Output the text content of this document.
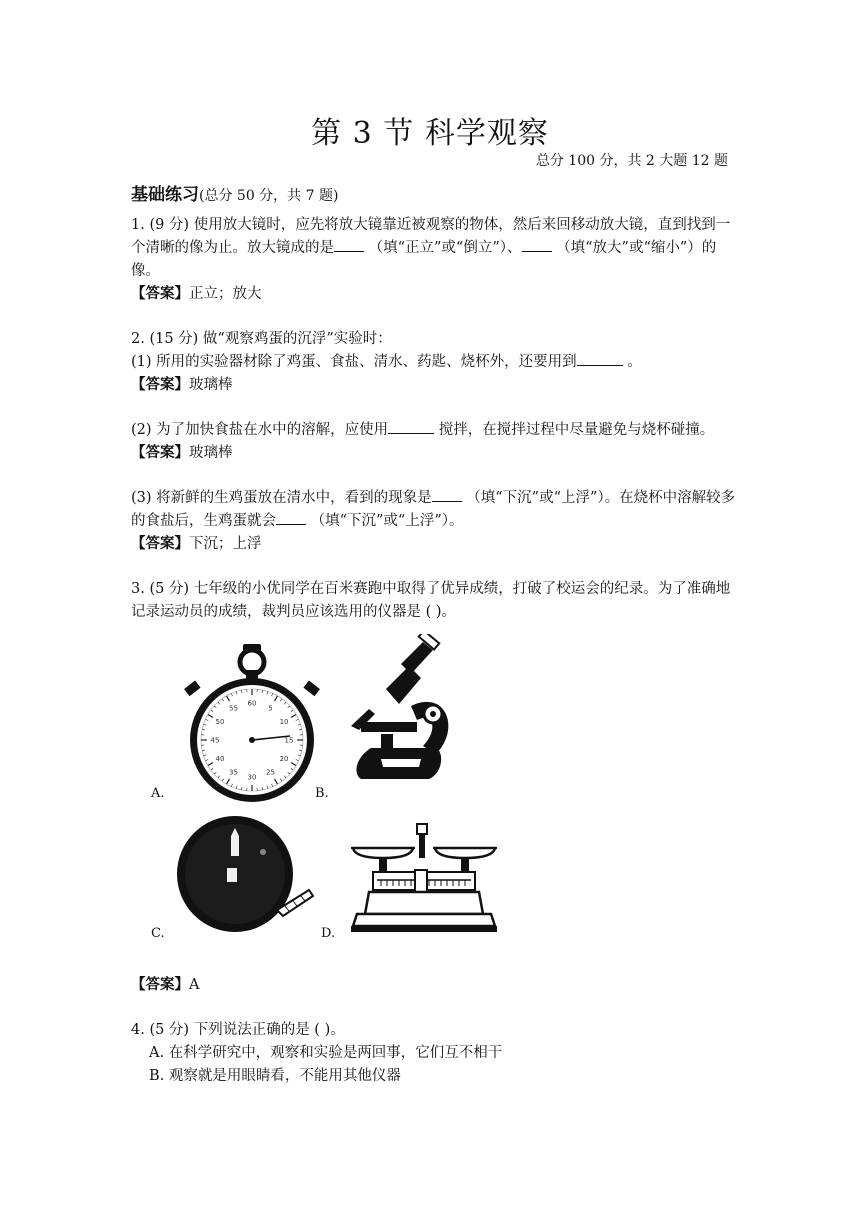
第 3 节 科学观察
总分 100 分，共 2 大题 12 题
基础练习(总分 50 分，共 7 题)

1. (9 分) 使用放大镜时，应先将放大镜靠近被观察的物体，然后来回移动放大镜，直到找到一个清晰的像为止。放大镜成的是 （填“正立”或“倒立”）、 （填“放大”或“缩小”）的像。

【答案】正立；放大

2. (15 分) 做“观察鸡蛋的沉浮”实验时：

(1) 所用的实验器材除了鸡蛋、食盐、清水、药匙、烧杯外，还要用到	。

【答案】玻璃棒

(2) 为了加快食盐在水中的溶解，应使用	搅拌，在搅拌过程中尽量避免与烧杯碰撞。

【答案】玻璃棒

(3) 将新鲜的生鸡蛋放在清水中，看到的现象是 （填“下沉”或“上浮”）。在烧杯中溶解较多的食盐后，生鸡蛋就会 （填“下沉”或“上浮”）。

【答案】下沉；上浮

3. (5 分) 七年级的小优同学在百米赛跑中取得了优异成绩，打破了校运会的纪录。为了准确地记录运动员的成绩，裁判员应该选用的仪器是 ( )。

A.
60
5
10
15
20
25
30
35
40
45
50
55
B.
C.	D.

【答案】A

4. (5 分) 下列说法正确的是 ( )。

A. 在科学研究中，观察和实验是两回事，它们互不相干

B. 观察就是用眼睛看，不能用其他仪器
